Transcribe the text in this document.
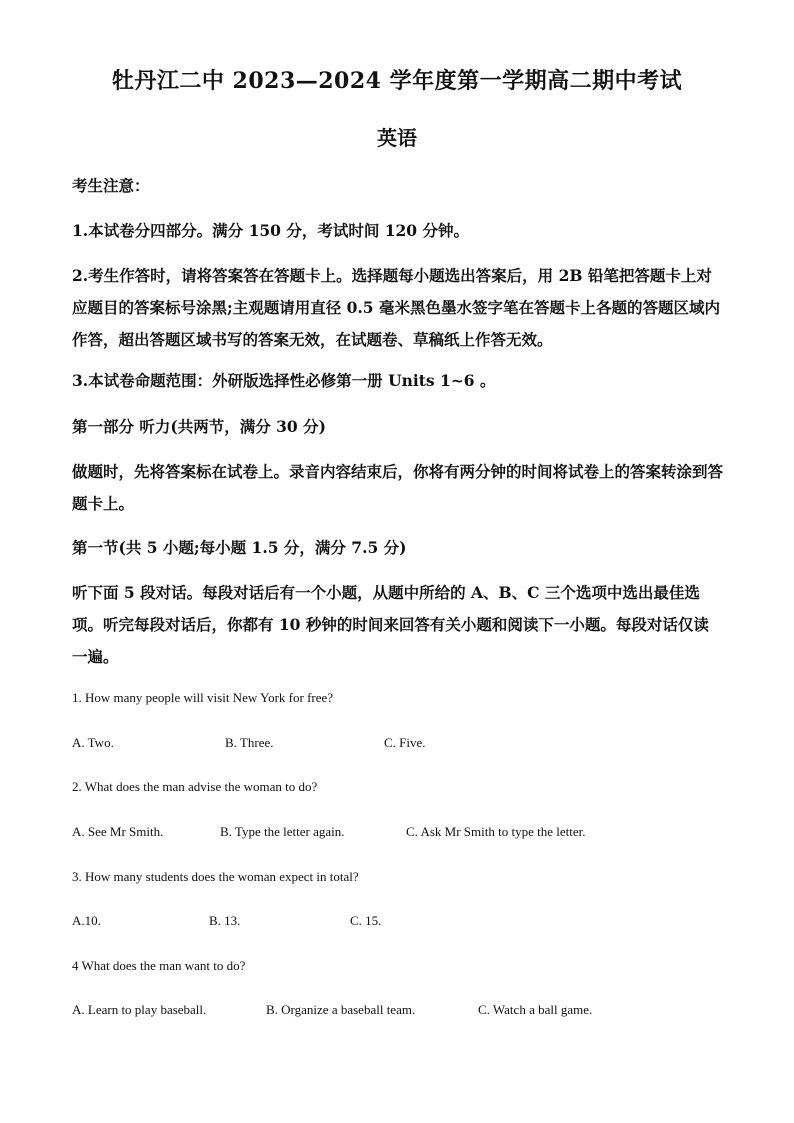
牡丹江二中 2023—2024 学年度第一学期高二期中考试
英语

考生注意：

1.本试卷分四部分。满分 150 分，考试时间 120 分钟。

2.考生作答时，请将答案答在答题卡上。选择题每小题选出答案后，用 2B 铅笔把答题卡上对应题目的答案标号涂黑;主观题请用直径 0.5 毫米黑色墨水签字笔在答题卡上各题的答题区域内作答，超出答题区域书写的答案无效，在试题卷、草稿纸上作答无效。

3.本试卷命题范围：外研版选择性必修第一册 Units 1~6 。

第一部分 听力(共两节，满分 30 分)

做题时，先将答案标在试卷上。录音内容结束后，你将有两分钟的时间将试卷上的答案转涂到答题卡上。

第一节(共 5 小题;每小题 1.5 分，满分 7.5 分)

听下面 5 段对话。每段对话后有一个小题，从题中所给的 A、B、C 三个选项中选出最佳选项。听完每段对话后，你都有 10 秒钟的时间来回答有关小题和阅读下一小题。每段对话仅读一遍。

1. How many people will visit New York for free?

A. Two.	B. Three.	C. Five.

2. What does the man advise the woman to do?

A. See Mr Smith.	B. Type the letter again.	C. Ask Mr Smith to type the letter.

3. How many students does the woman expect in total?

A.10.	B. 13.	C. 15.

4 What does the man want to do?

A. Learn to play baseball.	B. Organize a baseball team.	C. Watch a ball game.
